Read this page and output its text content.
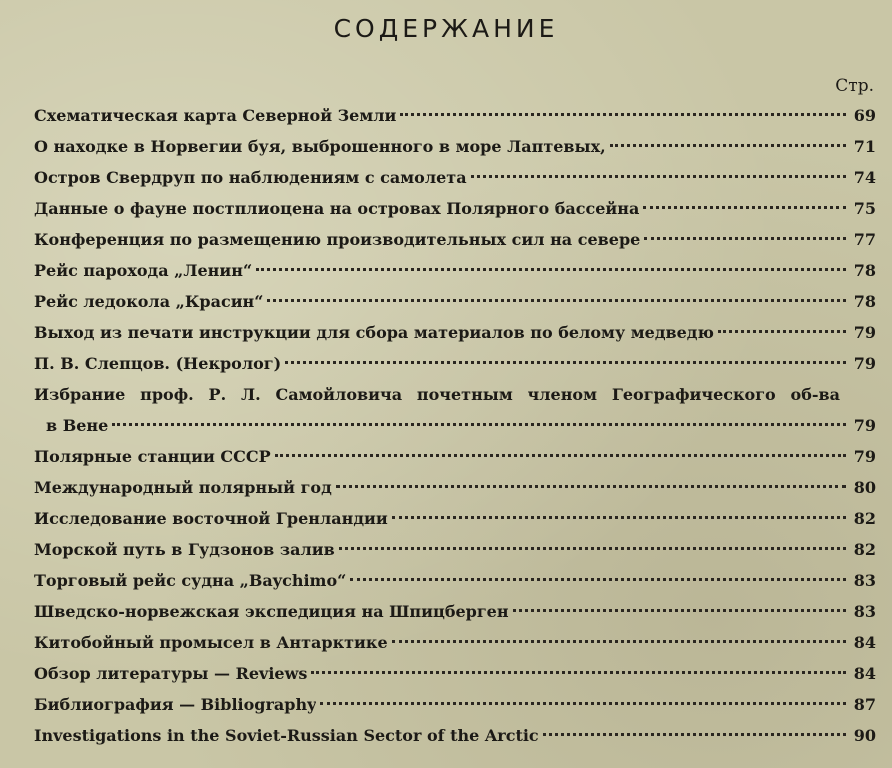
СОДЕРЖАНИЕ
Стр.
Схематическая карта Северной Земли	69
О находке в Норвегии буя, выброшенного в море Лаптевых,	71
Остров Свердруп по наблюдениям с самолета	74
Данные о фауне постплиоцена на островах Полярного бассейна	75
Конференция по размещению производительных сил на севере	77
Рейс парохода „Ленин“	78
Рейс ледокола „Красин“	78
Выход из печати инструкции для сбора материалов по белому медведю	79
П. В. Слепцов. (Некролог)	79
Избрание проф. Р. Л. Самойловича почетным членом Географического об-ва
в Вене	79
Полярные станции СССР	79
Международный полярный год	80
Исследование восточной Гренландии	82
Морской путь в Гудзонов залив	82
Торговый рейс судна „Baychimo“	83
Шведско-норвежская экспедиция на Шпицберген	83
Китобойный промысел в Антарктике	84
Обзор литературы — Reviews	84
Библиография — Bibliography	87
Investigations in the Soviet-Russian Sector of the Arctic	90
